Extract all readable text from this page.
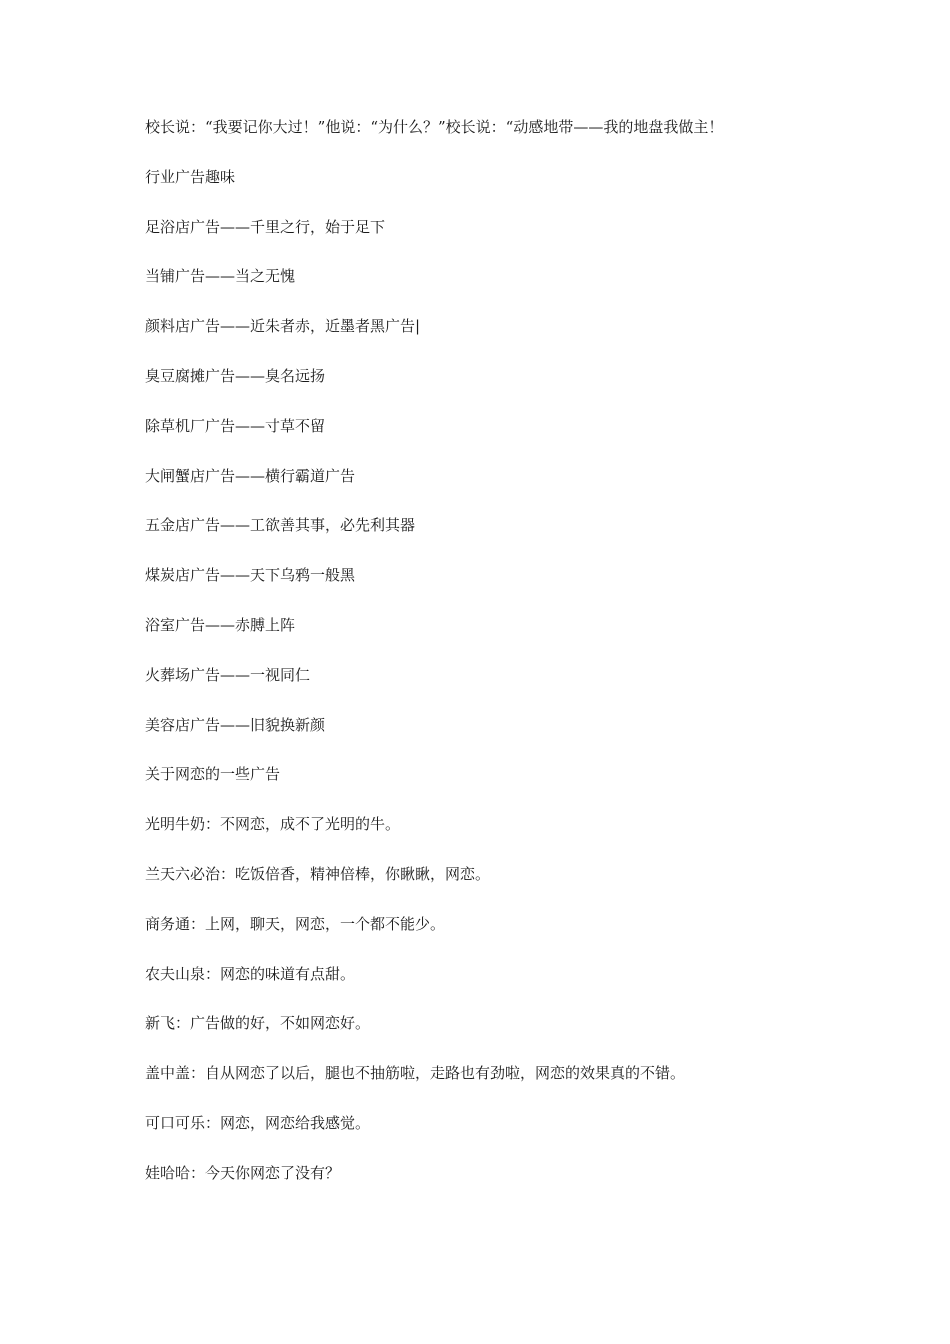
校长说：“我要记你大过！”他说：“为什么？”校长说：“动感地带——我的地盘我做主！
行业广告趣味
足浴店广告——千里之行，始于足下
当铺广告——当之无愧
颜料店广告——近朱者赤，近墨者黑广告|
臭豆腐摊广告——臭名远扬
除草机厂广告——寸草不留
大闸蟹店广告——横行霸道广告
五金店广告——工欲善其事，必先利其器
煤炭店广告——天下乌鸦一般黑
浴室广告——赤膊上阵
火葬场广告——一视同仁
美容店广告——旧貌换新颜
关于网恋的一些广告
光明牛奶：不网恋，成不了光明的牛。
兰天六必治：吃饭倍香，精神倍棒，你瞅瞅，网恋。
商务通：上网，聊天，网恋，一个都不能少。
农夫山泉：网恋的味道有点甜。
新飞：广告做的好，不如网恋好。
盖中盖：自从网恋了以后，腿也不抽筋啦，走路也有劲啦，网恋的效果真的不错。
可口可乐：网恋，网恋给我感觉。
娃哈哈：今天你网恋了没有？
